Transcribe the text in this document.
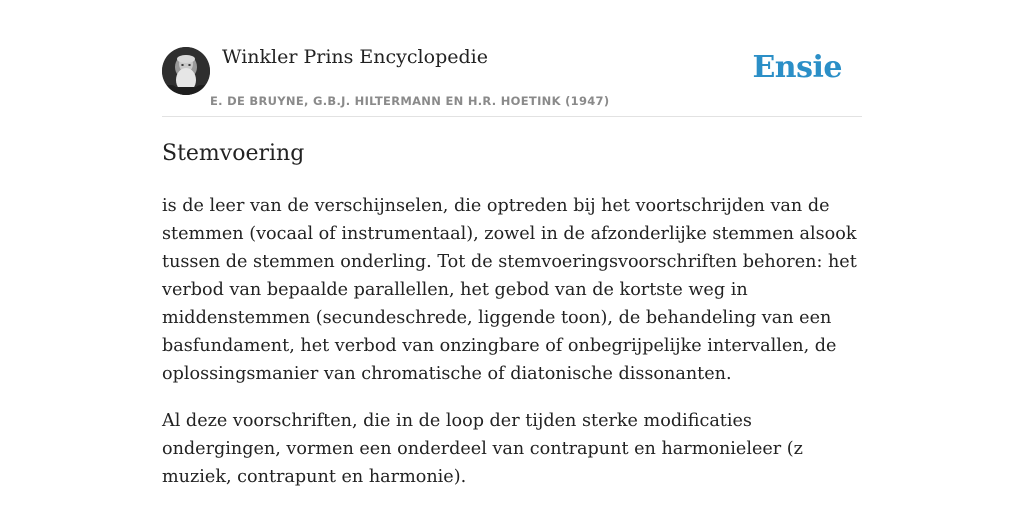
Winkler Prins Encyclopedie
E. DE BRUYNE, G.B.J. HILTERMANN EN H.R. HOETINK (1947)
Ensie
Stemvoering

is de leer van de verschijnselen, die optreden bij het voortschrijden van de stemmen (vocaal of instrumentaal), zowel in de afzonderlijke stemmen alsook tussen de stemmen onderling. Tot de stemvoeringsvoorschriften behoren: het verbod van bepaalde parallellen, het gebod van de kortste weg in middenstemmen (secundeschrede, liggende toon), de behandeling van een basfundament, het verbod van onzingbare of onbegrijpelijke intervallen, de oplossingsmanier van chromatische of diatonische dissonanten.

Al deze voorschriften, die in de loop der tijden sterke modificaties ondergingen, vormen een onderdeel van contrapunt en harmonieleer (z muziek, contrapunt en harmonie).
